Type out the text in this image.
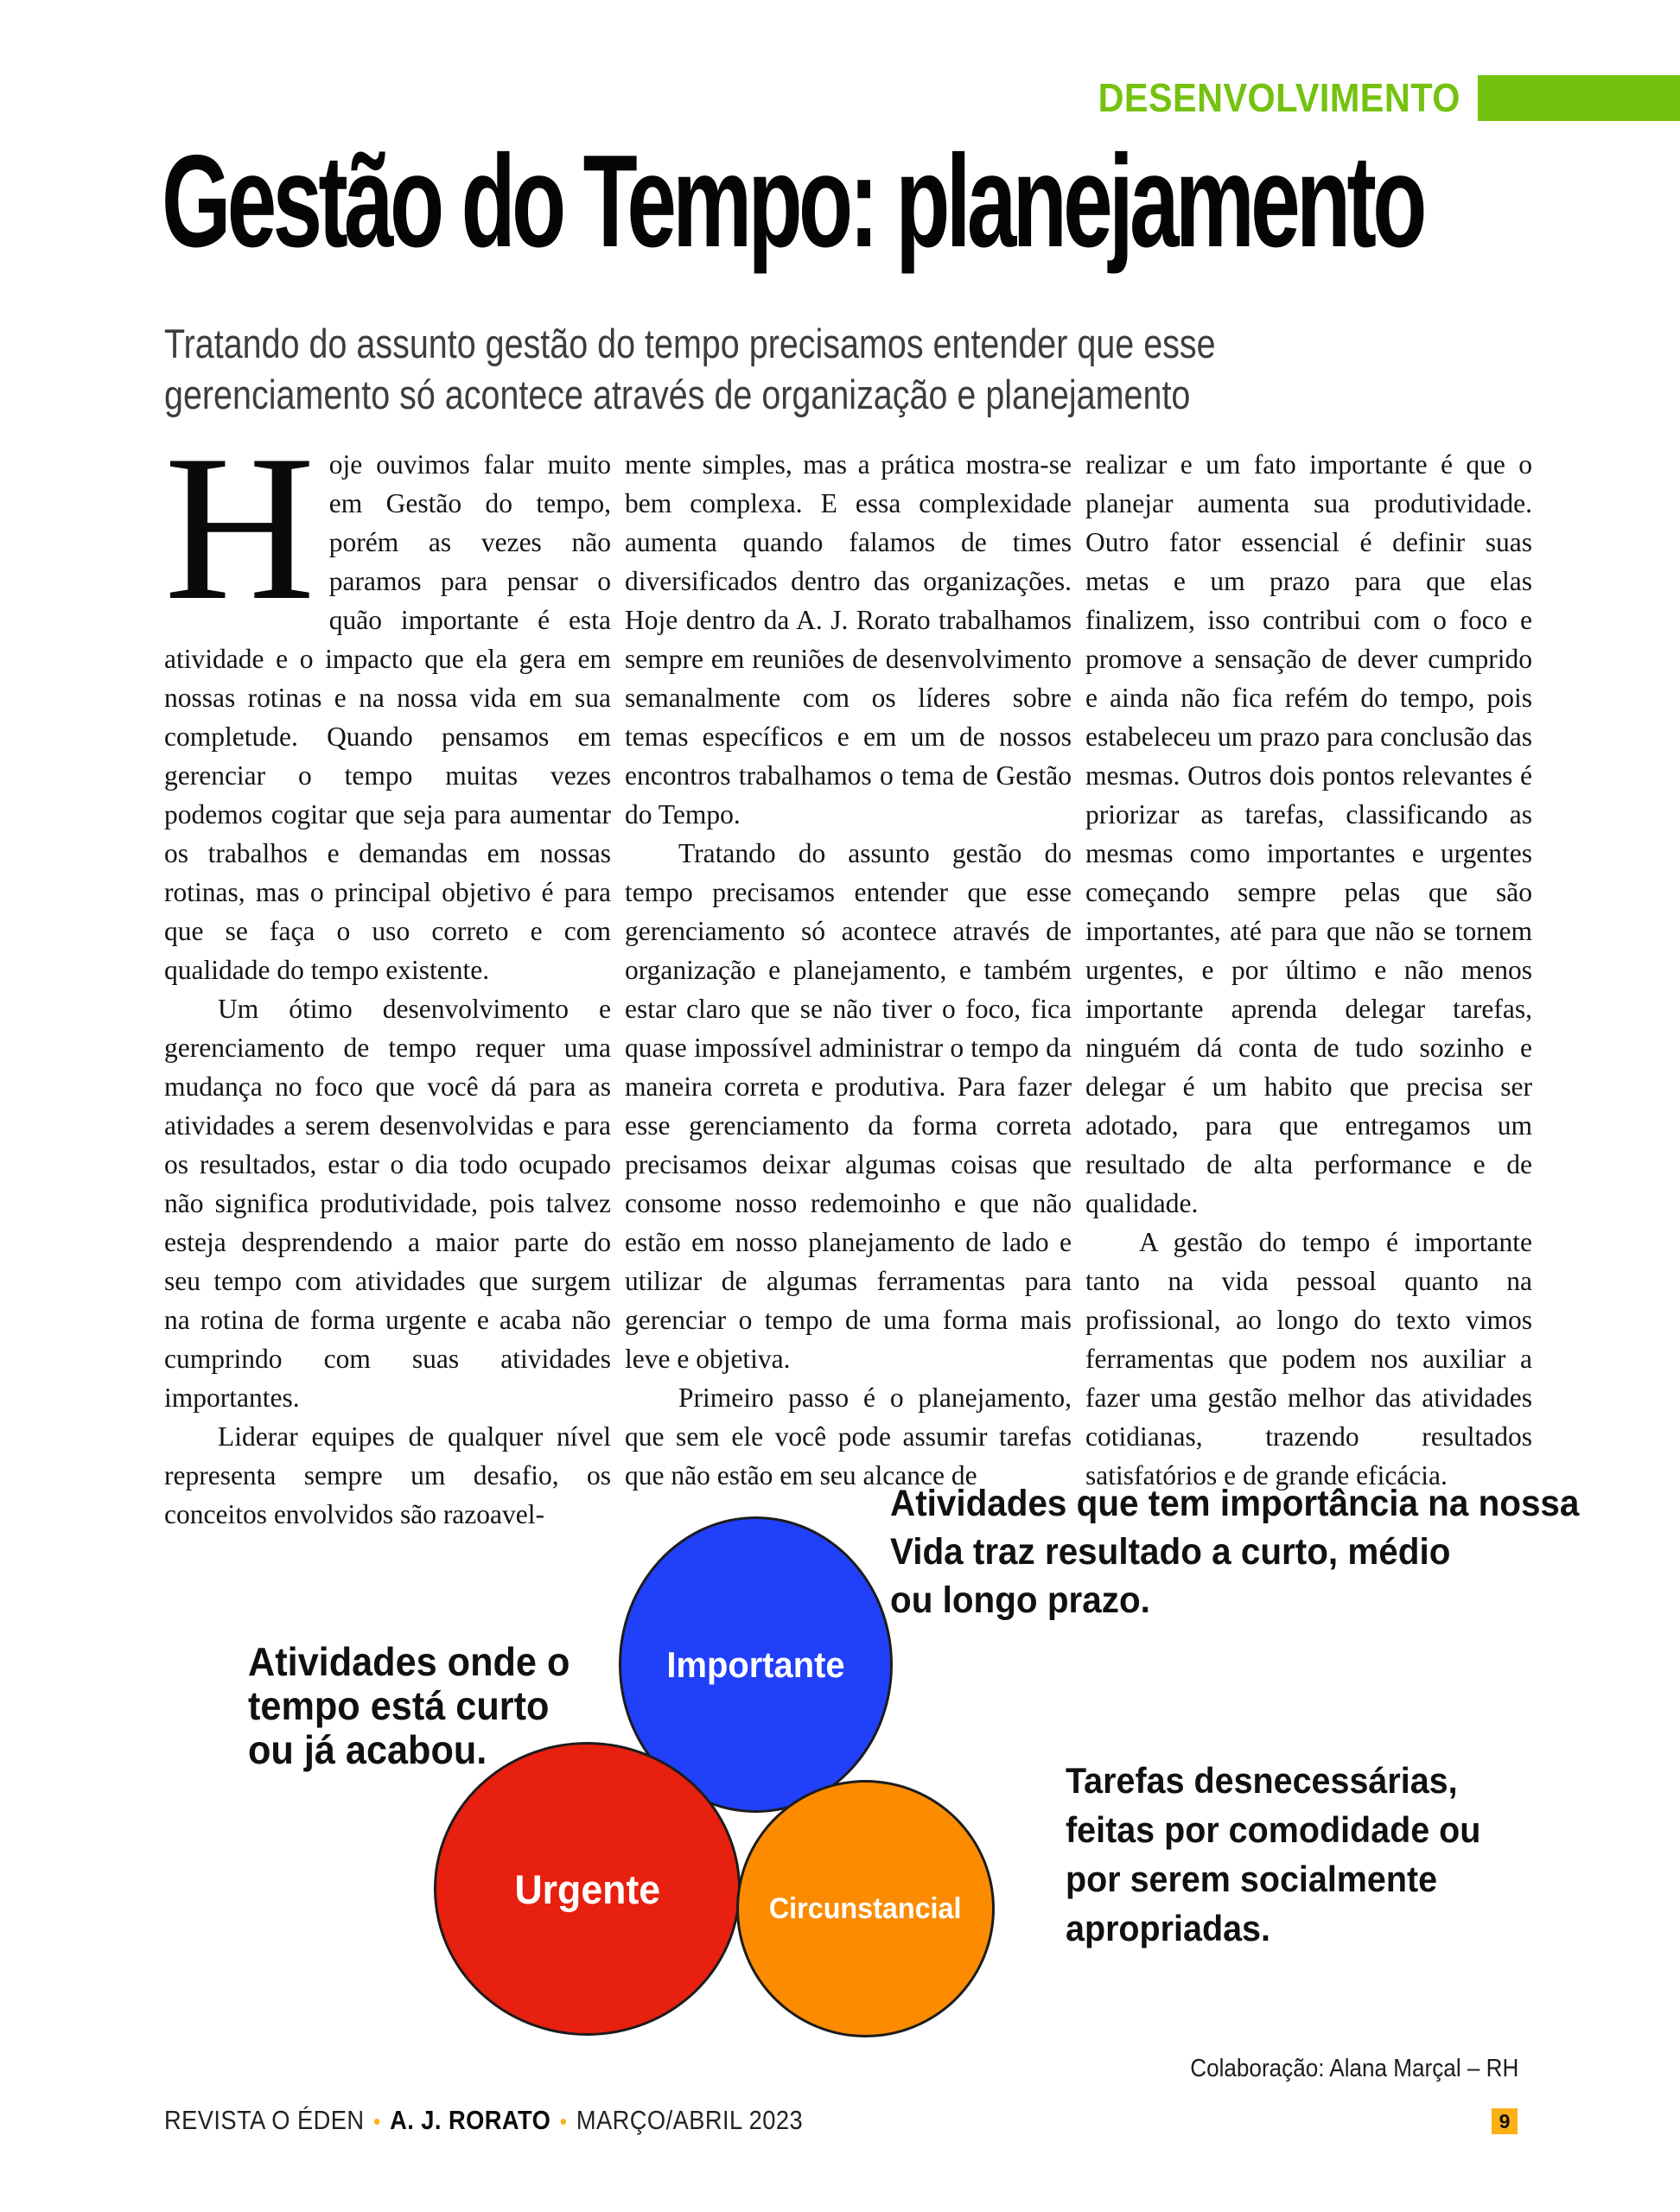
DESENVOLVIMENTO
Gestão do Tempo: planejamento
Tratando do assunto gestão do tempo precisamos entender que esse
gerenciamento só acontece através de organização e planejamento

Hoje ouvimos falar muito em Gestão do tempo, porém as vezes não paramos para pensar o quão importante é esta atividade e o impacto que ela gera em nossas rotinas e na nossa vida em sua completude. Quando pensamos em gerenciar o tempo muitas vezes podemos cogitar que seja para aumentar os trabalhos e demandas em nossas rotinas, mas o principal objetivo é para que se faça o uso correto e com qualidade do tempo existente.

Um ótimo desenvolvimento e gerenciamento de tempo requer uma mudança no foco que você dá para as atividades a serem desenvolvidas e para os resultados, estar o dia todo ocupado não significa produtividade, pois talvez esteja desprendendo a maior parte do seu tempo com atividades que surgem na rotina de forma urgente e acaba não cumprindo com suas atividades importantes.

Liderar equipes de qualquer nível representa sempre um desafio, os conceitos envolvidos são razoavel-

mente simples, mas a prática mostra-se bem complexa. E essa complexidade aumenta quando falamos de times diversificados dentro das organizações. Hoje dentro da A. J. Rorato trabalhamos sempre em reuniões de desenvolvimento semanalmente com os líderes sobre temas específicos e em um de nossos encontros trabalhamos o tema de Gestão do Tempo.

Tratando do assunto gestão do tempo precisamos entender que esse gerenciamento só acontece através de organização e planejamento, e também estar claro que se não tiver o foco, fica quase impossível administrar o tempo da maneira correta e produtiva. Para fazer esse gerenciamento da forma correta precisamos deixar algumas coisas que consome nosso redemoinho e que não estão em nosso planejamento de lado e utilizar de algumas ferramentas para gerenciar o tempo de uma forma mais leve e objetiva.

Primeiro passo é o planejamento, que sem ele você pode assumir tarefas que não estão em seu alcance de

realizar e um fato importante é que o planejar aumenta sua produtividade. Outro fator essencial é definir suas metas e um prazo para que elas finalizem, isso contribui com o foco e promove a sensação de dever cumprido e ainda não fica refém do tempo, pois estabeleceu um prazo para conclusão das mesmas. Outros dois pontos relevantes é priorizar as tarefas, classificando as mesmas como importantes e urgentes começando sempre pelas que são importantes, até para que não se tornem urgentes, e por último e não menos importante aprenda delegar tarefas, ninguém dá conta de tudo sozinho e delegar é um habito que precisa ser adotado, para que entregamos um resultado de alta performance e de qualidade.

A gestão do tempo é importante tanto na vida pessoal quanto na profissional, ao longo do texto vimos ferramentas que podem nos auxiliar a fazer uma gestão melhor das atividades cotidianas, trazendo resultados satisfatórios e de grande eficácia.

Atividades que tem importância na nossa
Vida traz resultado a curto, médio
ou longo prazo.
Atividades onde o
tempo está curto
ou já acabou.
Tarefas desnecessárias,
feitas por comodidade ou
por serem socialmente
apropriadas.
Importante
Urgente	Circunstancial
Colaboração: Alana Marçal – RH
REVISTA O ÉDEN • A. J. RORATO • MARÇO/ABRIL 2023	9
